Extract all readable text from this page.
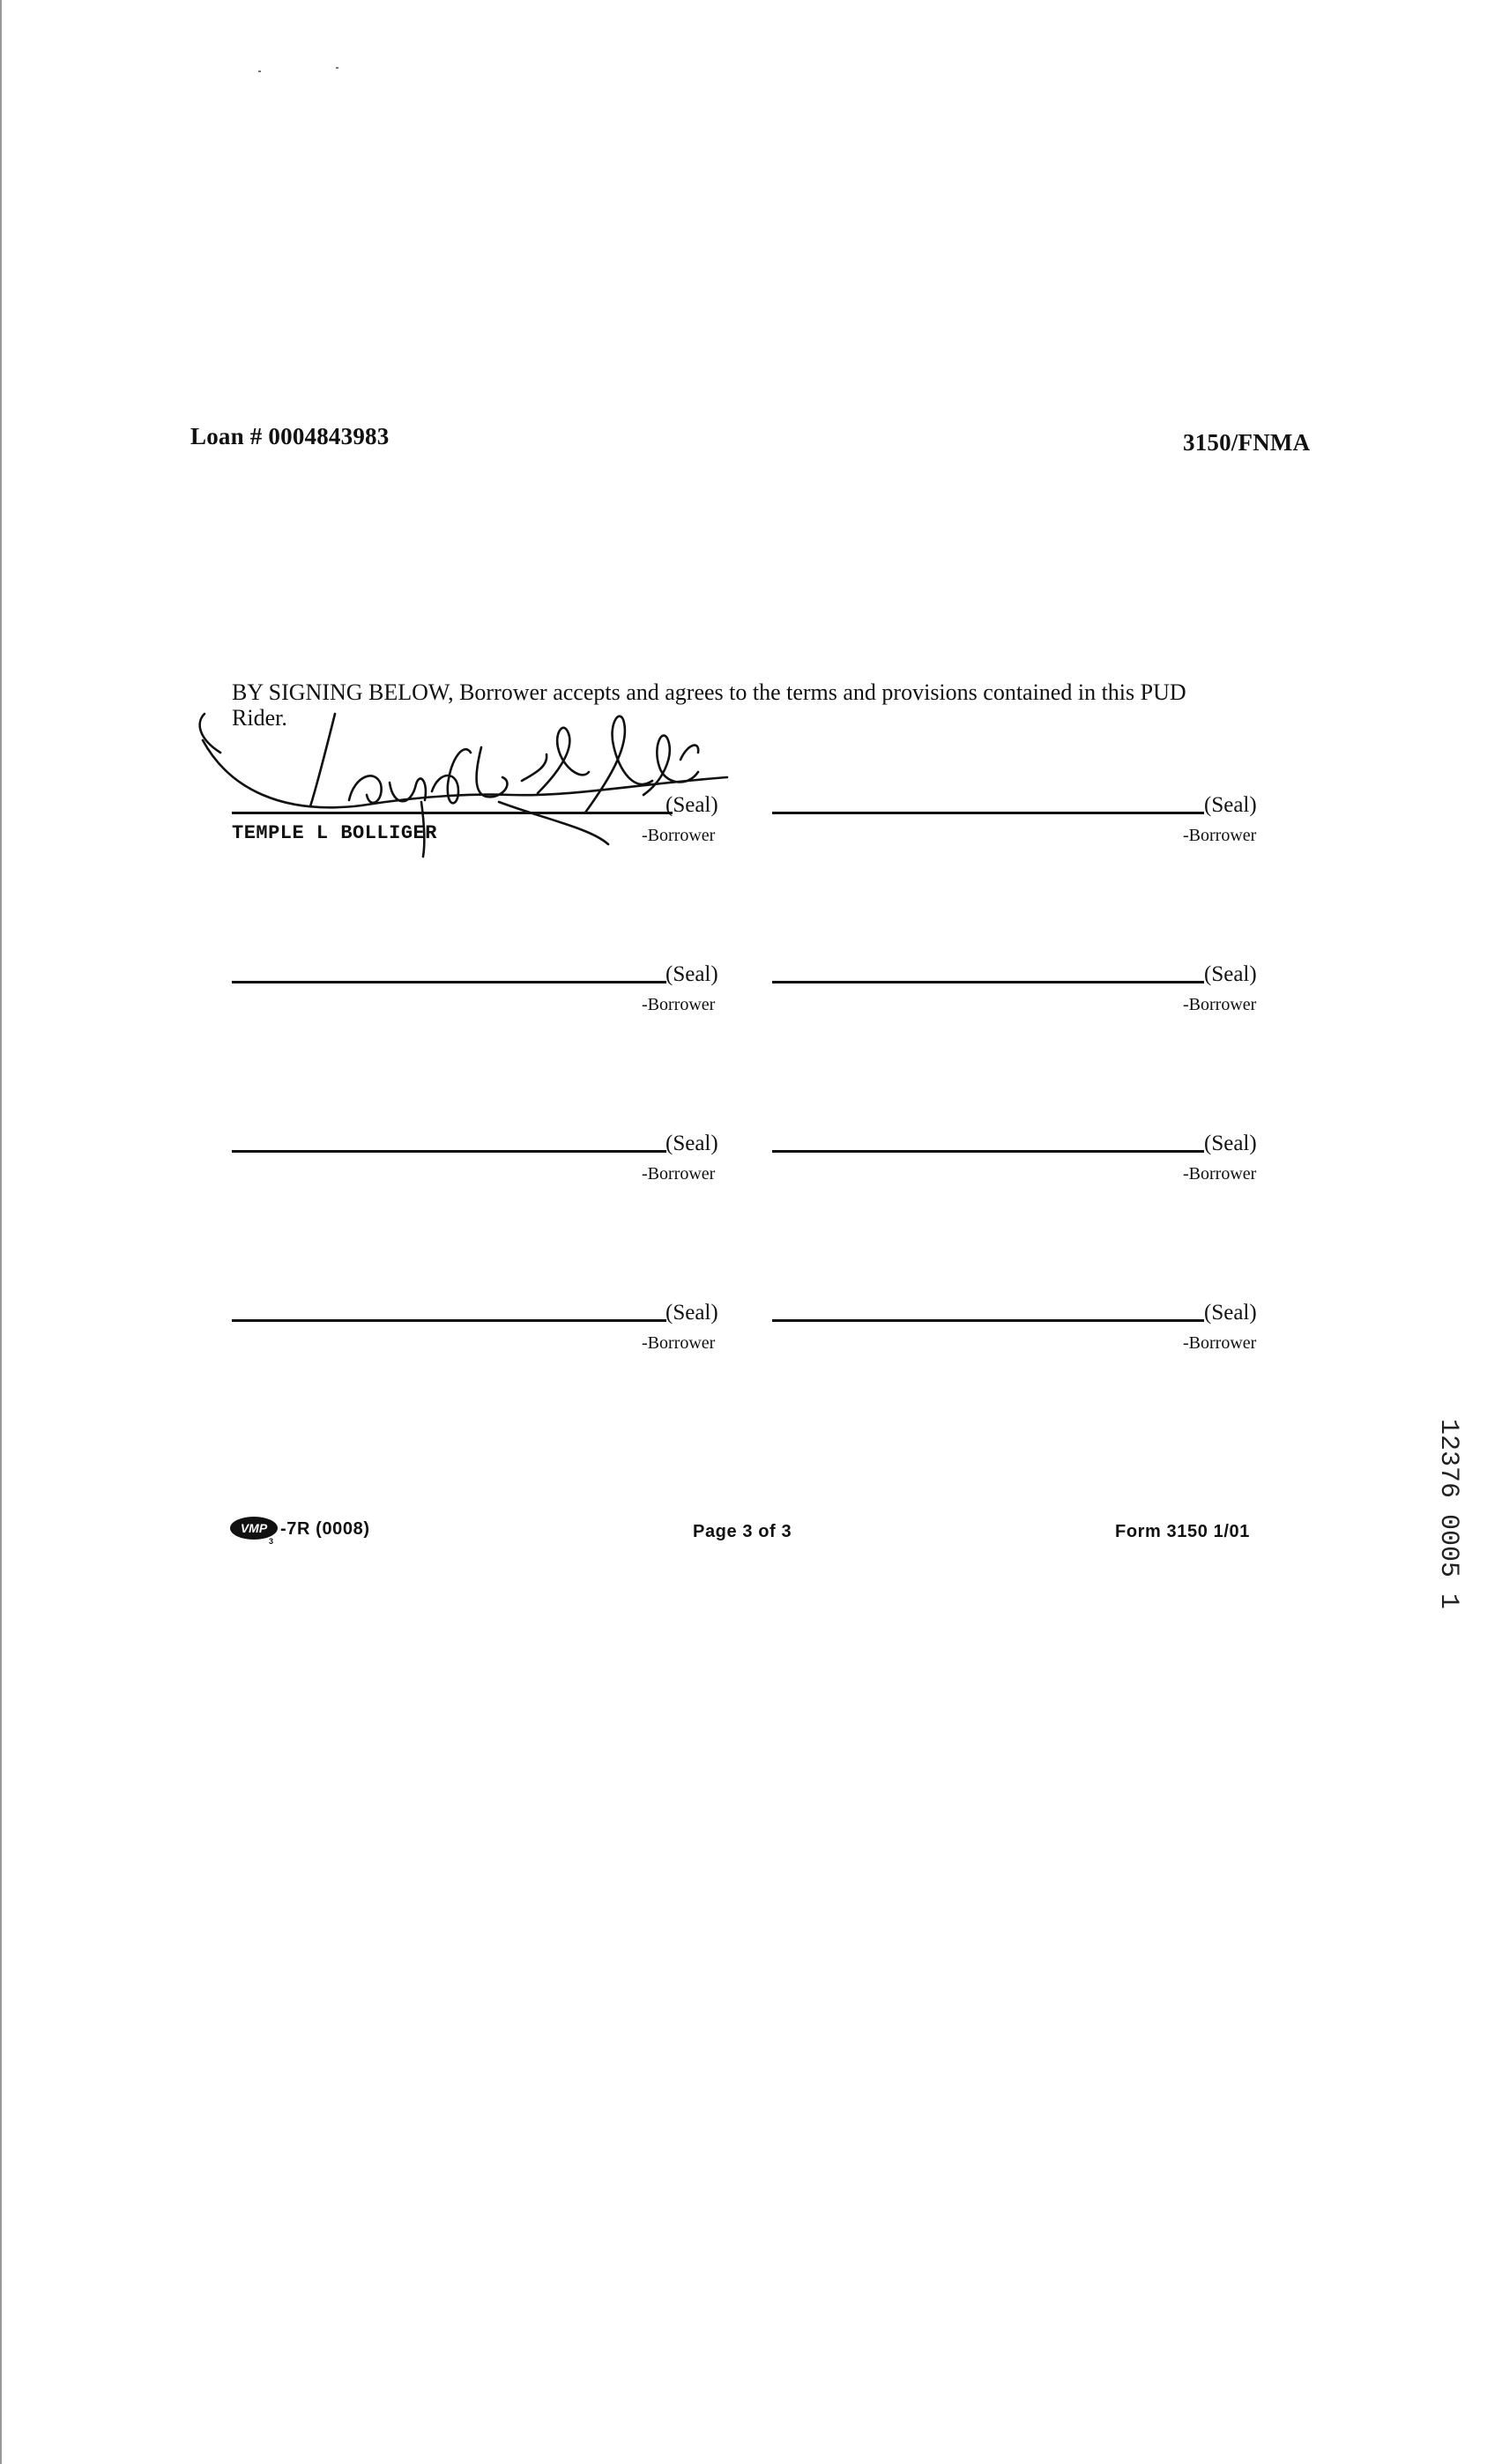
Loan # 0004843983	3150/FNMA
BY SIGNING BELOW, Borrower accepts and agrees to the terms and provisions contained in this PUD
Rider.
(Seal)
-Borrower
TEMPLE L BOLLIGER
(Seal)
-Borrower
(Seal)
-Borrower
(Seal)
-Borrower
(Seal)
-Borrower
(Seal)
-Borrower
(Seal)
-Borrower
(Seal)
-Borrower
VMP
3
-7R (0008)	Page 3 of 3	Form 3150 1/01	12376 0005 1
